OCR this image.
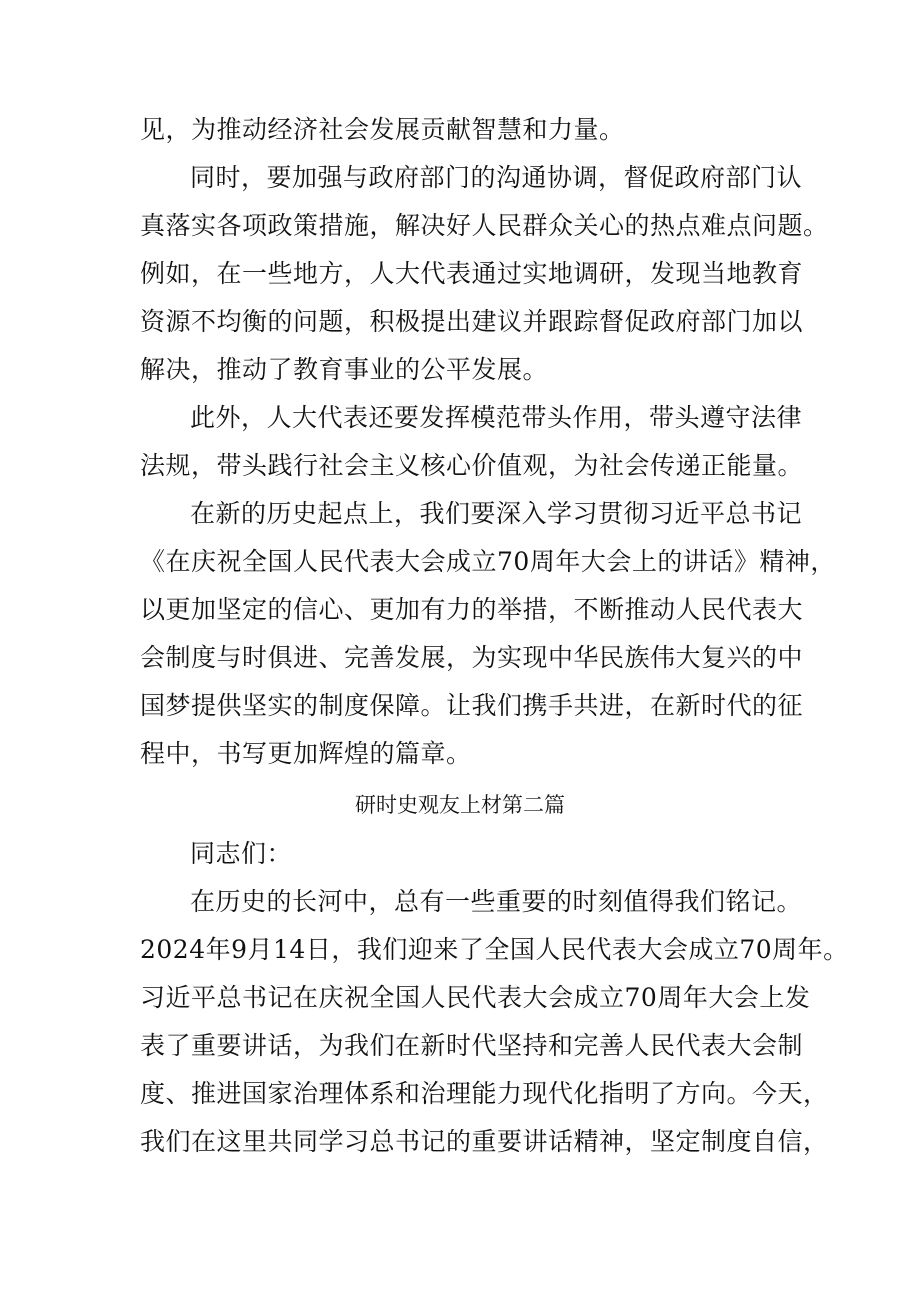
见，为推动经济社会发展贡献智慧和力量。
同时，要加强与政府部门的沟通协调，督促政府部门认
真落实各项政策措施，解决好人民群众关心的热点难点问题。
例如，在一些地方，人大代表通过实地调研，发现当地教育
资源不均衡的问题，积极提出建议并跟踪督促政府部门加以
解决，推动了教育事业的公平发展。
此外，人大代表还要发挥模范带头作用，带头遵守法律
法规，带头践行社会主义核心价值观，为社会传递正能量。
在新的历史起点上，我们要深入学习贯彻习近平总书记
《在庆祝全国人民代表大会成立70周年大会上的讲话》精神，
以更加坚定的信心、更加有力的举措，不断推动人民代表大
会制度与时俱进、完善发展，为实现中华民族伟大复兴的中
国梦提供坚实的制度保障。让我们携手共进，在新时代的征
程中，书写更加辉煌的篇章。
研时史观友上材第二篇
同志们：
在历史的长河中，总有一些重要的时刻值得我们铭记。
2024年9月14日，我们迎来了全国人民代表大会成立70周年。
习近平总书记在庆祝全国人民代表大会成立70周年大会上发
表了重要讲话，为我们在新时代坚持和完善人民代表大会制
度、推进国家治理体系和治理能力现代化指明了方向。今天，
我们在这里共同学习总书记的重要讲话精神，坚定制度自信，
